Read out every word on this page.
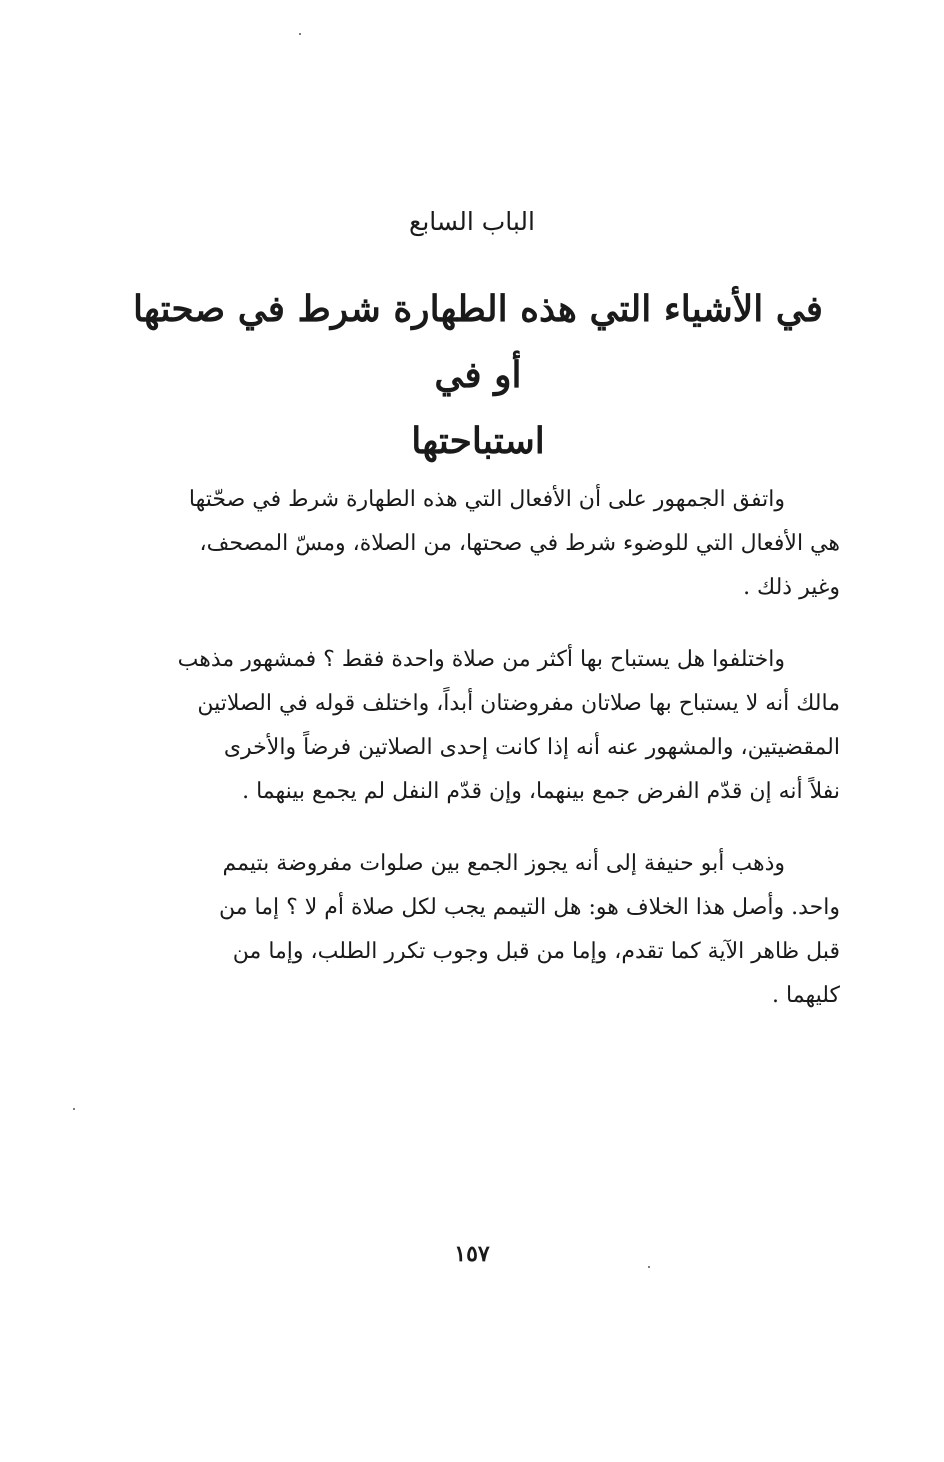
الباب السابع
في الأشياء التي هذه الطهارة شرط في صحتها أو في
استباحتها

واتفق الجمهور على أن الأفعال التي هذه الطهارة شرط في صحّتها
هي الأفعال التي للوضوء شرط في صحتها، من الصلاة، ومسّ المصحف،
وغير ذلك .

واختلفوا هل يستباح بها أكثر من صلاة واحدة فقط ؟ فمشهور مذهب
مالك أنه لا يستباح بها صلاتان مفروضتان أبداً، واختلف قوله في الصلاتين
المقضيتين، والمشهور عنه أنه إذا كانت إحدى الصلاتين فرضاً والأخرى
نفلاً أنه إن قدّم الفرض جمع بينهما، وإن قدّم النفل لم يجمع بينهما .

وذهب أبو حنيفة إلى أنه يجوز الجمع بين صلوات مفروضة بتيمم
واحد. وأصل هذا الخلاف هو: هل التيمم يجب لكل صلاة أم لا ؟ إما من
قبل ظاهر الآية كما تقدم، وإما من قبل وجوب تكرر الطلب، وإما من
كليهما .

١٥٧
